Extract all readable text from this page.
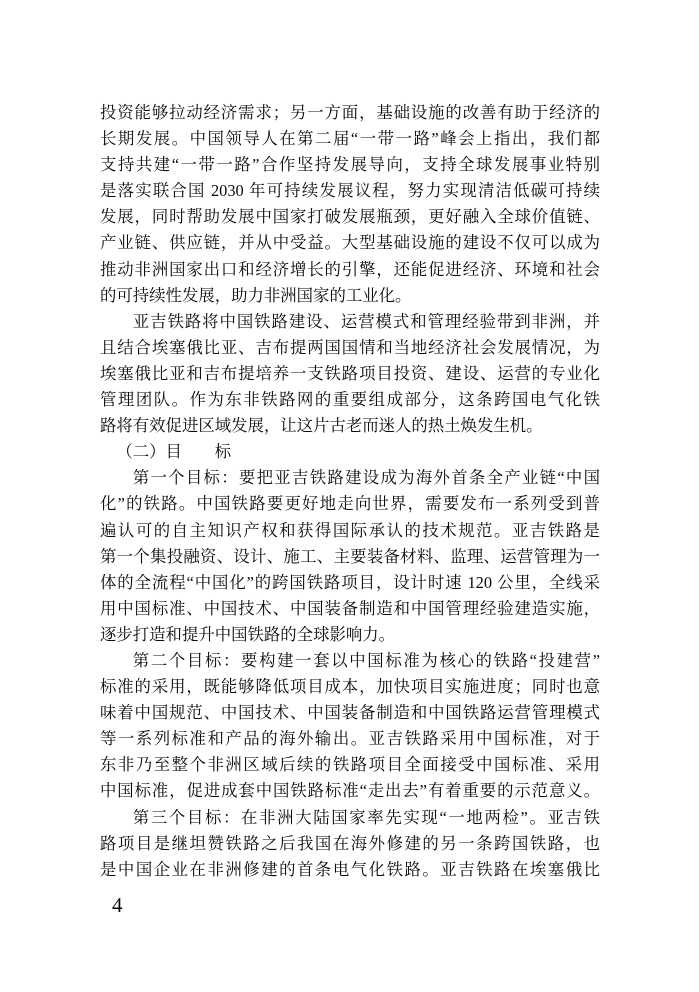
投资能够拉动经济需求；另一方面，基础设施的改善有助于经济的
长期发展。中国领导人在第二届“一带一路”峰会上指出，我们都
支持共建“一带一路”合作坚持发展导向，支持全球发展事业特别
是落实联合国 2030 年可持续发展议程，努力实现清洁低碳可持续
发展，同时帮助发展中国家打破发展瓶颈，更好融入全球价值链、
产业链、供应链，并从中受益。大型基础设施的建设不仅可以成为
推动非洲国家出口和经济增长的引擎，还能促进经济、环境和社会
的可持续性发展，助力非洲国家的工业化。
亚吉铁路将中国铁路建设、运营模式和管理经验带到非洲，并
且结合埃塞俄比亚、吉布提两国国情和当地经济社会发展情况，为
埃塞俄比亚和吉布提培养一支铁路项目投资、建设、运营的专业化
管理团队。作为东非铁路网的重要组成部分，这条跨国电气化铁
路将有效促进区域发展，让这片古老而迷人的热土焕发生机。
（二）目　　标
第一个目标：要把亚吉铁路建设成为海外首条全产业链“中国
化”的铁路。中国铁路要更好地走向世界，需要发布一系列受到普
遍认可的自主知识产权和获得国际承认的技术规范。亚吉铁路是
第一个集投融资、设计、施工、主要装备材料、监理、运营管理为一
体的全流程“中国化”的跨国铁路项目，设计时速 120 公里，全线采
用中国标准、中国技术、中国装备制造和中国管理经验建造实施，
逐步打造和提升中国铁路的全球影响力。
第二个目标：要构建一套以中国标准为核心的铁路“投建营”
标准的采用，既能够降低项目成本，加快项目实施进度；同时也意
味着中国规范、中国技术、中国装备制造和中国铁路运营管理模式
等一系列标准和产品的海外输出。亚吉铁路采用中国标准，对于
东非乃至整个非洲区域后续的铁路项目全面接受中国标准、采用
中国标准，促进成套中国铁路标准“走出去”有着重要的示范意义。
第三个目标：在非洲大陆国家率先实现“一地两检”。亚吉铁
路项目是继坦赞铁路之后我国在海外修建的另一条跨国铁路，也
是中国企业在非洲修建的首条电气化铁路。亚吉铁路在埃塞俄比
4
